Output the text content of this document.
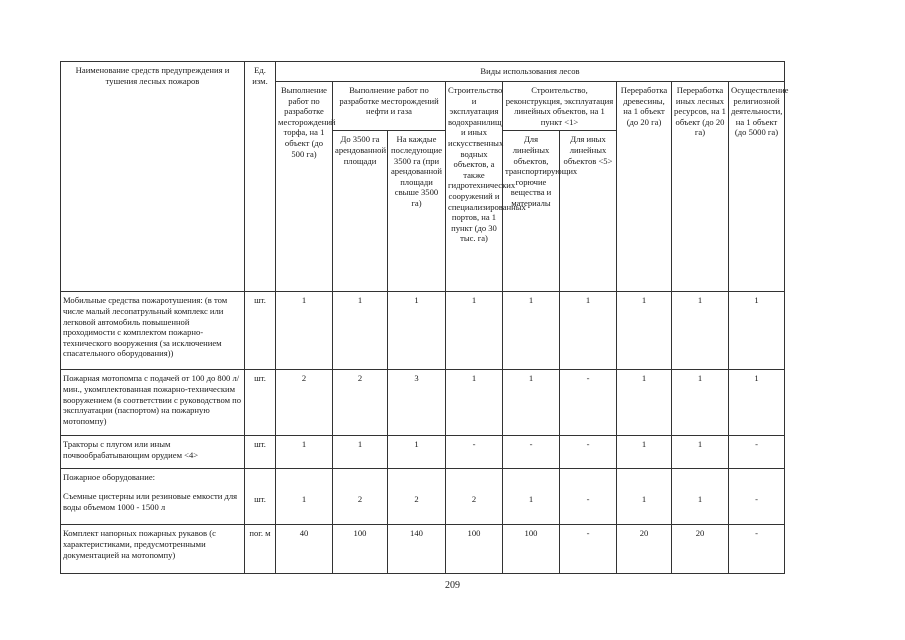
Наименование средств предупреждения и тушения лесных пожаров	Ед. изм.	Виды использования лесов								
		Выполнение работ по разработке месторождений торфа, на 1 объект (до 500 га)	Выполнение работ по разработке месторождений нефти и газа		Строительство и эксплуатация водохранилищ и иных искусственных водных объектов, а также гидротехнических сооружений и специализированных портов, на 1 пункт (до 30 тыс. га)	Строительство, реконструкция, эксплуатация линейных объектов, на 1 пункт <1>		Переработка древесины, на 1 объект (до 20 га)	Переработка иных лесных ресурсов, на 1 объект (до 20 га)	Осуществление религиозной деятельности, на 1 объект (до 5000 га)
			До 3500 га арендованной площади	На каждые последующие 3500 га (при арендованной площади свыше 3500 га)		Для линейных объектов, транспортирующих горючие вещества и материалы	Для иных линейных объектов <5>			
Мобильные средства пожаротушения: (в том числе малый лесопатрульный комплекс или легковой автомобиль повышенной проходимости с комплектом пожарно-технического вооружения (за исключением спасательного оборудования))	шт.	1	1	1	1	1	1	1	1	1
Пожарная мотопомпа с подачей от 100 до 800 л/мин., укомплектованная пожарно-техническим вооружением (в соответствии с руководством по эксплуатации (паспортом) на пожарную мотопомпу)	шт.	2	2	3	1	1	-	1	1	1
Тракторы с плугом или иным почвообрабатывающим орудием <4>	шт.	1	1	1	-	-	-	1	1	-
Пожарное оборудование:
Съемные цистерны или резиновые емкости для воды объемом 1000 - 1500 л	шт.	1	2	2	2	1	-	1	1	-
Комплект напорных пожарных рукавов (с характеристиками, предусмотренными документацией на мотопомпу)	пог. м	40	100	140	100	100	-	20	20	-
209
